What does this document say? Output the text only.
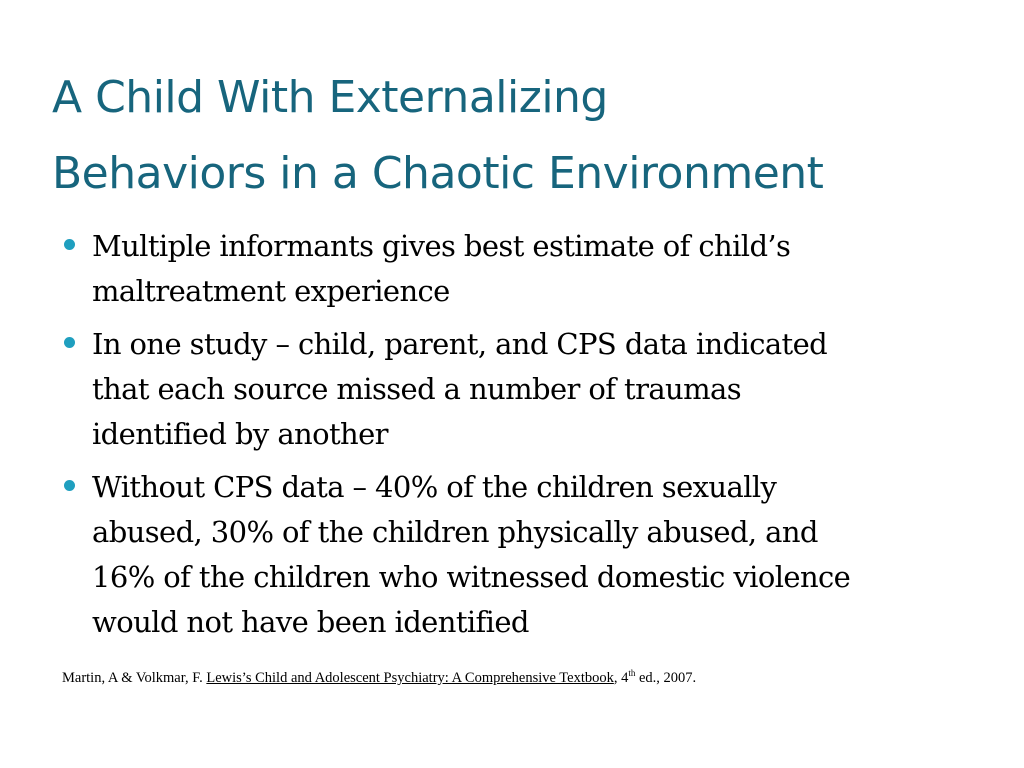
A Child With Externalizing
Behaviors in a Chaotic Environment
Multiple informants gives best estimate of child’s
maltreatment experience
In one study – child, parent, and CPS data indicated
that each source missed a number of traumas
identified by another
Without CPS data – 40% of the children sexually
abused, 30% of the children physically abused, and
16% of the children who witnessed domestic violence
would not have been identified
Martin, A & Volkmar, F. Lewis’s Child and Adolescent Psychiatry: A Comprehensive Textbook, 4th ed., 2007.
